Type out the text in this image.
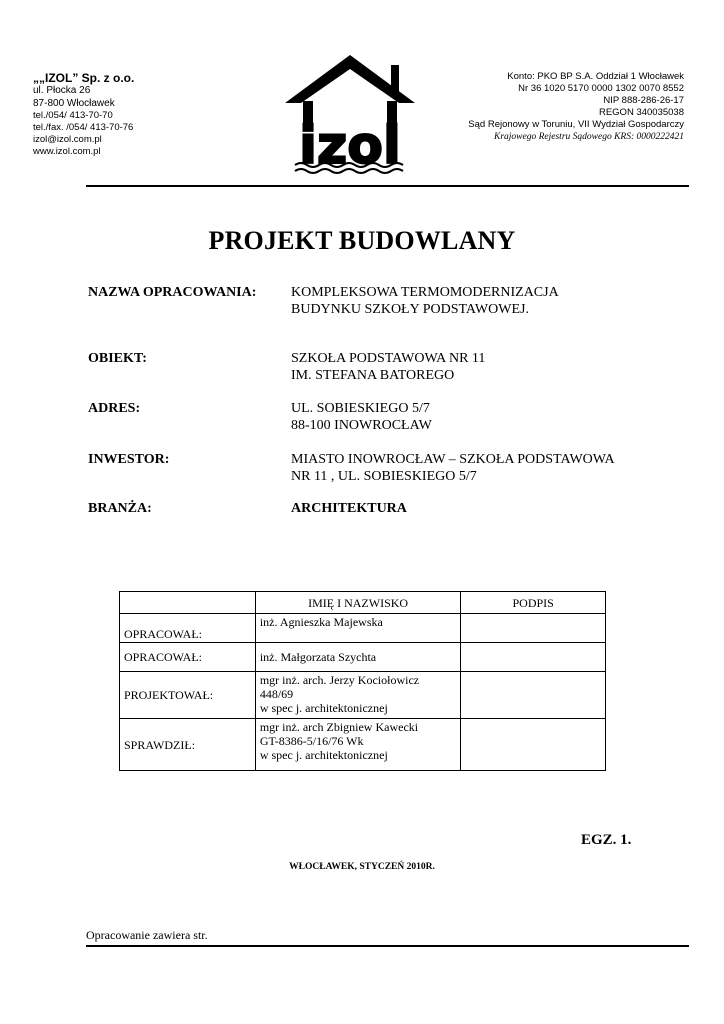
„„IZOL” Sp. z o.o.
ul. Płocka 26
87-800 Włocławek
tel./054/ 413-70-70
tel./fax. /054/ 413-70-76
izol@izol.com.pl
www.izol.com.pl	izol
Konto: PKO BP S.A. Oddział 1 Włocławek
Nr 36 1020 5170 0000 1302 0070 8552
NIP 888-286-26-17
REGON 340035038
Sąd Rejonowy w Toruniu, VII Wydział Gospodarczy
Krajowego Rejestru Sądowego KRS: 0000222421
PROJEKT BUDOWLANY
NAZWA OPRACOWANIA:	KOMPLEKSOWA TERMOMODERNIZACJA
BUDYNKU SZKOŁY PODSTAWOWEJ.
OBIEKT:	SZKOŁA PODSTAWOWA NR 11
IM. STEFANA BATOREGO
ADRES:	UL. SOBIESKIEGO 5/7
88-100 INOWROCŁAW
INWESTOR:	MIASTO INOWROCŁAW – SZKOŁA PODSTAWOWA
NR 11 , UL. SOBIESKIEGO 5/7
BRANŻA:	ARCHITEKTURA
	IMIĘ I NAZWISKO	PODPIS
OPRACOWAŁ:	inż. Agnieszka Majewska	

OPRACOWAŁ:	inż. Małgorzata Szychta	

PROJEKTOWAŁ:	mgr inż. arch. Jerzy Kociołowicz
448/69
w spec j. architektonicznej	

SPRAWDZIŁ:	mgr inż. arch Zbigniew Kawecki
GT-8386-5/16/76 Wk
w spec j. architektonicznej	

EGZ. 1.
WŁOCŁAWEK, STYCZEŃ 2010R.
Opracowanie zawiera str.
